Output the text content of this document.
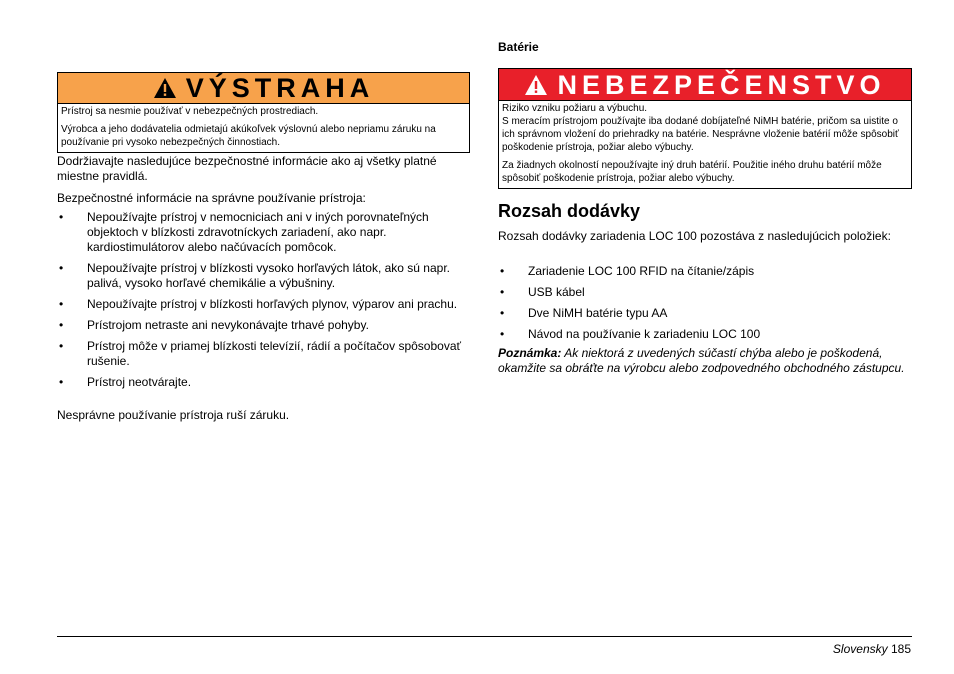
VÝSTRAHA

Prístroj sa nesmie používať v nebezpečných prostrediach.

Výrobca a jeho dodávatelia odmietajú akúkoľvek výslovnú alebo nepriamu záruku na používanie pri vysoko nebezpečných činnostiach.

Dodržiavajte nasledujúce bezpečnostné informácie ako aj všetky platné miestne pravidlá.

Bezpečnostné informácie na správne používanie prístroja:

• Nepoužívajte prístroj v nemocniciach ani v iných porovnateľných objektoch v blízkosti zdravotníckych zariadení, ako napr. kardiostimulátorov alebo načúvacích pomôcok.
• Nepoužívajte prístroj v blízkosti vysoko horľavých látok, ako sú napr. palivá, vysoko horľavé chemikálie a výbušniny.
• Nepoužívajte prístroj v blízkosti horľavých plynov, výparov ani prachu.
• Prístrojom netraste ani nevykonávajte trhavé pohyby.
• Prístroj môže v priamej blízkosti televízií, rádií a počítačov spôsobovať rušenie.
• Prístroj neotvárajte.

Nesprávne používanie prístroja ruší záruku.

Batérie
NEBEZPEČENSTVO

Riziko vzniku požiaru a výbuchu.

S meracím prístrojom používajte iba dodané dobíjateľné NiMH batérie, pričom sa uistite o ich správnom vložení do priehradky na batérie. Nesprávne vloženie batérií môže spôsobiť poškodenie prístroja, požiar alebo výbuchy.

Za žiadnych okolností nepoužívajte iný druh batérií. Použitie iného druhu batérií môže spôsobiť poškodenie prístroja, požiar alebo výbuchy.

Rozsah dodávky

Rozsah dodávky zariadenia LOC 100 pozostáva z nasledujúcich položiek:

• Zariadenie LOC 100 RFID na čítanie/zápis
• USB kábel
• Dve NiMH batérie typu AA
• Návod na používanie k zariadeniu LOC 100

Poznámka: Ak niektorá z uvedených súčastí chýba alebo je poškodená, okamžite sa obráťte na výrobcu alebo zodpovedného obchodného zástupcu.

Slovensky 185
